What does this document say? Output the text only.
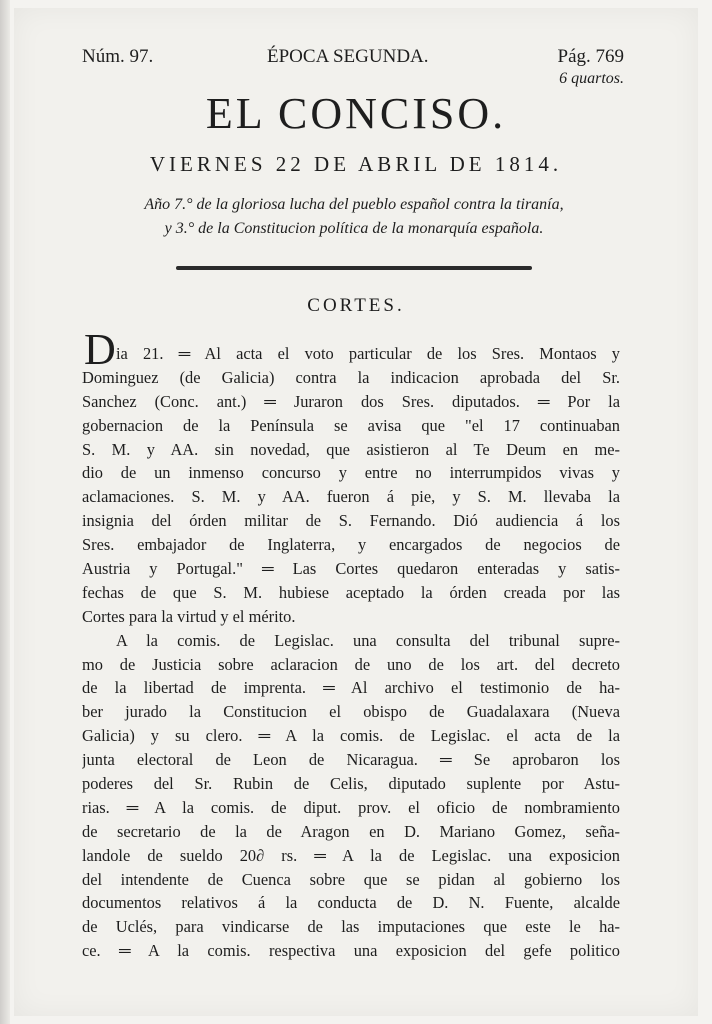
Núm. 97.	ÉPOCA SEGUNDA.	Pág. 769
6 quartos.
EL CONCISO.
VIERNES 22 DE ABRIL DE 1814.
Año 7.° de la gloriosa lucha del pueblo español contra la tiranía,
y 3.° de la Constitucion política de la monarquía española.
CORTES.
D ia 21. ═ Al acta el voto particular de los Sres. Montaos y
Dominguez (de Galicia) contra la indicacion aprobada del Sr.
Sanchez (Conc. ant.) ═ Juraron dos Sres. diputados. ═ Por la
gobernacion de la Península se avisa que "el 17 continuaban
S. M. y AA. sin novedad, que asistieron al Te Deum en me-
dio de un inmenso concurso y entre no interrumpidos vivas y
aclamaciones. S. M. y AA. fueron á pie, y S. M. llevaba la
insignia del órden militar de S. Fernando. Dió audiencia á los
Sres. embajador de Inglaterra, y encargados de negocios de
Austria y Portugal." ═ Las Cortes quedaron enteradas y satis-
fechas de que S. M. hubiese aceptado la órden creada por las
Cortes para la virtud y el mérito.
A la comis. de Legislac. una consulta del tribunal supre-
mo de Justicia sobre aclaracion de uno de los art. del decreto
de la libertad de imprenta. ═ Al archivo el testimonio de ha-
ber jurado la Constitucion el obispo de Guadalaxara (Nueva
Galicia) y su clero. ═ A la comis. de Legislac. el acta de la
junta electoral de Leon de Nicaragua. ═ Se aprobaron los
poderes del Sr. Rubin de Celis, diputado suplente por Astu-
rias. ═ A la comis. de diput. prov. el oficio de nombramiento
de secretario de la de Aragon en D. Mariano Gomez, seña-
landole de sueldo 20∂ rs. ═ A la de Legislac. una exposicion
del intendente de Cuenca sobre que se pidan al gobierno los
documentos relativos á la conducta de D. N. Fuente, alcalde
de Uclés, para vindicarse de las imputaciones que este le ha-
ce. ═ A la comis. respectiva una exposicion del gefe politico
